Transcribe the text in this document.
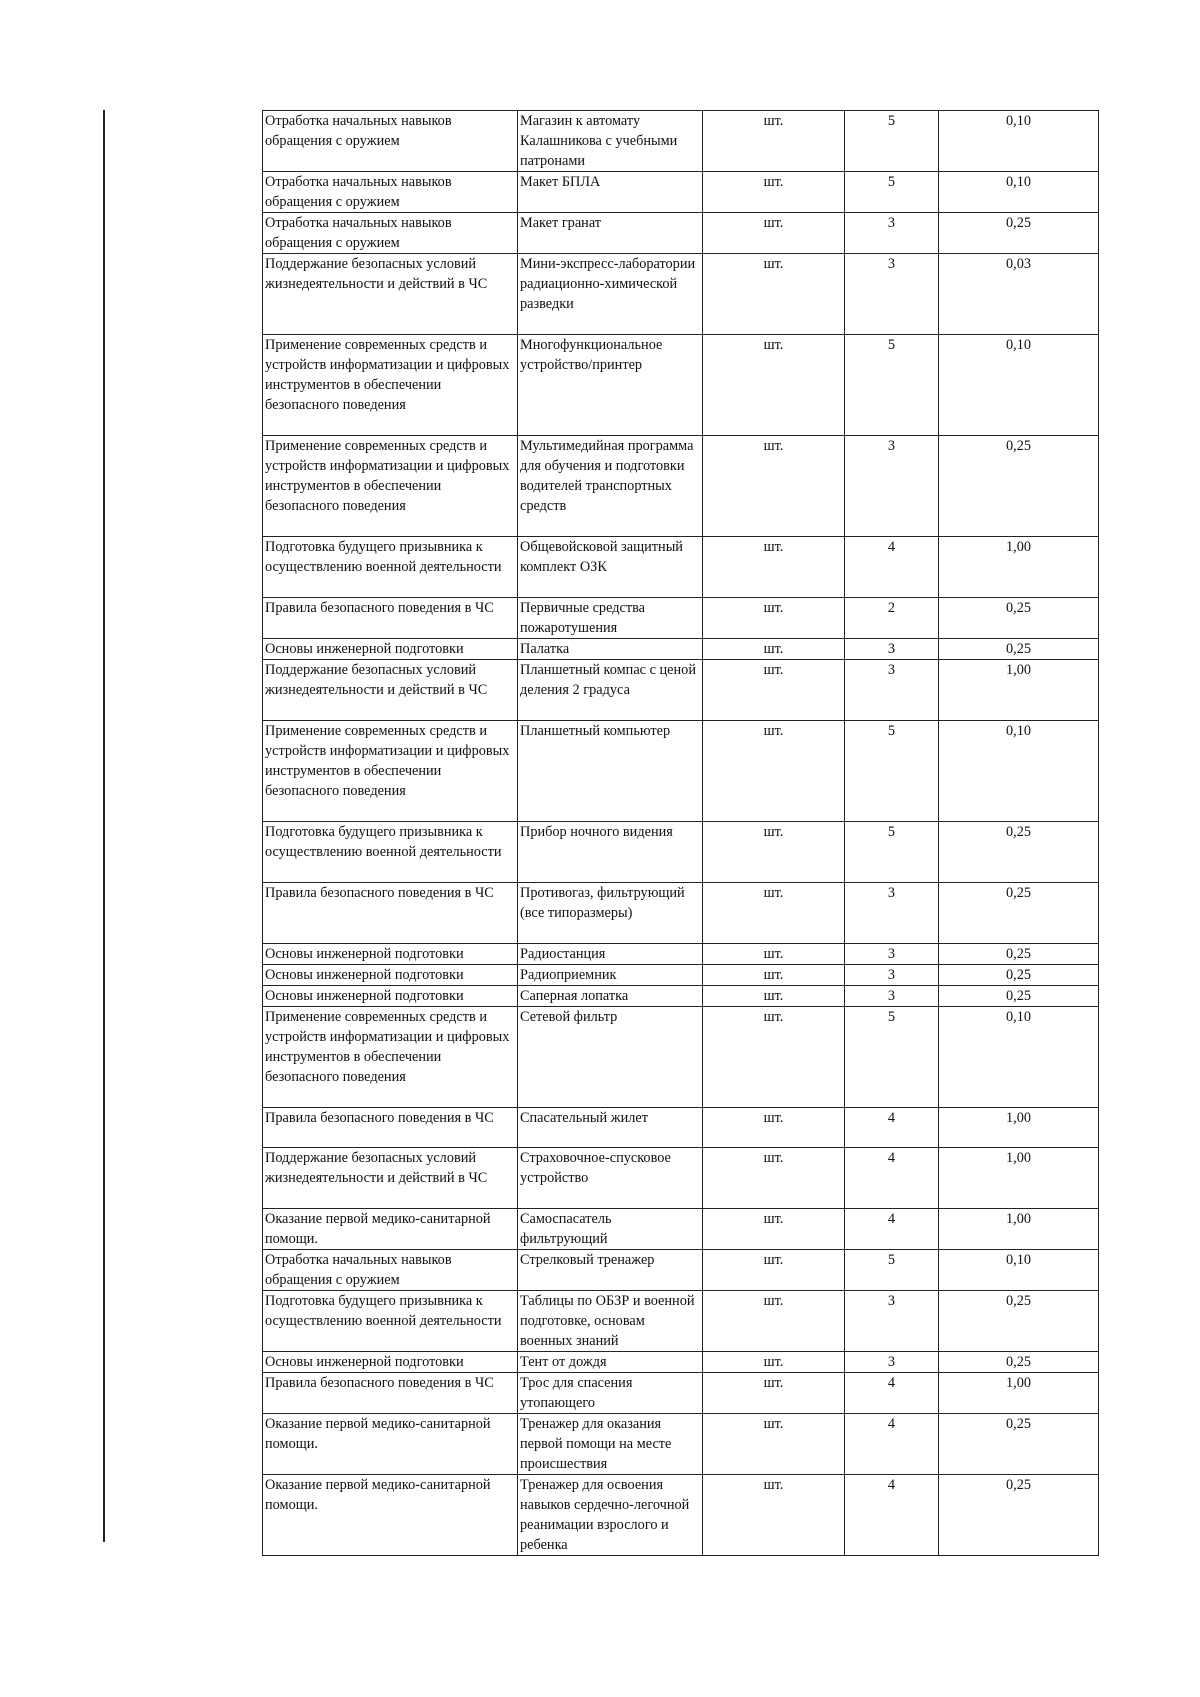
Отработка начальных навыков обращения с оружием	Магазин к автомату Калашникова с учебными патронами	шт.	5	0,10
Отработка начальных навыков обращения с оружием	Макет БПЛА	шт.	5	0,10
Отработка начальных навыков обращения с оружием	Макет гранат	шт.	3	0,25
Поддержание безопасных условий жизнедеятельности и действий в ЧС	Мини-экспресс-лаборатории радиационно-химической разведки	шт.	3	0,03
Применение современных средств и устройств информатизации и цифровых инструментов в обеспечении безопасного поведения	Многофункциональное устройство/принтер	шт.	5	0,10
Применение современных средств и устройств информатизации и цифровых инструментов в обеспечении безопасного поведения	Мультимедийная программа для обучения и подготовки водителей транспортных средств	шт.	3	0,25
Подготовка будущего призывника к осуществлению военной деятельности	Общевойсковой защитный комплект ОЗК	шт.	4	1,00
Правила безопасного поведения в ЧС	Первичные средства пожаротушения	шт.	2	0,25
Основы инженерной подготовки	Палатка	шт.	3	0,25
Поддержание безопасных условий жизнедеятельности и действий в ЧС	Планшетный компас с ценой деления 2 градуса	шт.	3	1,00
Применение современных средств и устройств информатизации и цифровых инструментов в обеспечении безопасного поведения	Планшетный компьютер	шт.	5	0,10
Подготовка будущего призывника к осуществлению военной деятельности	Прибор ночного видения	шт.	5	0,25
Правила безопасного поведения в ЧС	Противогаз, фильтрующий (все типоразмеры)	шт.	3	0,25
Основы инженерной подготовки	Радиостанция	шт.	3	0,25
Основы инженерной подготовки	Радиоприемник	шт.	3	0,25
Основы инженерной подготовки	Саперная лопатка	шт.	3	0,25
Применение современных средств и устройств информатизации и цифровых инструментов в обеспечении безопасного поведения	Сетевой фильтр	шт.	5	0,10
Правила безопасного поведения в ЧС	Спасательный жилет	шт.	4	1,00
Поддержание безопасных условий жизнедеятельности и действий в ЧС	Страховочное-спусковое устройство	шт.	4	1,00
Оказание первой медико-санитарной помощи.	Самоспасатель фильтрующий	шт.	4	1,00
Отработка начальных навыков обращения с оружием	Стрелковый тренажер	шт.	5	0,10
Подготовка будущего призывника к осуществлению военной деятельности	Таблицы по ОБЗР и военной подготовке, основам военных знаний	шт.	3	0,25
Основы инженерной подготовки	Тент от дождя	шт.	3	0,25
Правила безопасного поведения в ЧС	Трос для спасения утопающего	шт.	4	1,00
Оказание первой медико-санитарной помощи.	Тренажер для оказания первой помощи на месте происшествия	шт.	4	0,25
Оказание первой медико-санитарной помощи.	Тренажер для освоения навыков сердечно-легочной реанимации взрослого и ребенка	шт.	4	0,25
